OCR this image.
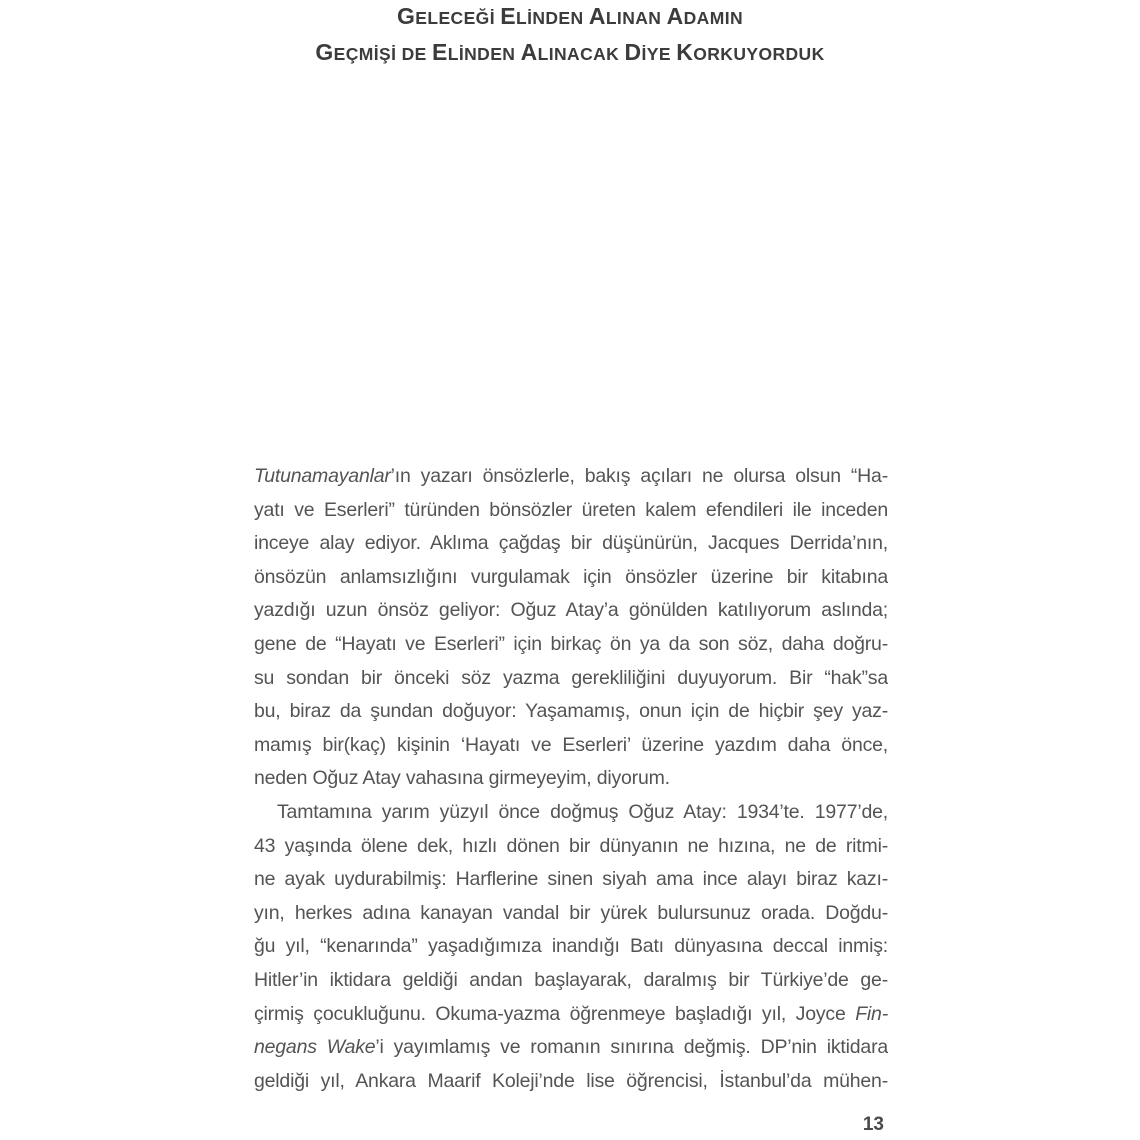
GELECEĞİ ELİNDEN ALINAN ADAMIN
GEÇMİŞİ DE ELİNDEN ALINACAK DİYE KORKUYORDUK
Tutunamayanlar’ın yazarı önsözlerle, bakış açıları ne olursa olsun “Ha-
yatı ve Eserleri” türünden bönsözler üreten kalem efendileri ile inceden
inceye alay ediyor. Aklıma çağdaş bir düşünürün, Jacques Derrida’nın,
önsözün anlamsızlığını vurgulamak için önsözler üzerine bir kitabına
yazdığı uzun önsöz geliyor: Oğuz Atay’a gönülden katılıyorum aslında;
gene de “Hayatı ve Eserleri” için birkaç ön ya da son söz, daha doğru-
su sondan bir önceki söz yazma gerekliliğini duyuyorum. Bir “hak”sa
bu, biraz da şundan doğuyor: Yaşamamış, onun için de hiçbir şey yaz-
mamış bir(kaç) kişinin ‘Hayatı ve Eserleri’ üzerine yazdım daha önce,
neden Oğuz Atay vahasına girmeyeyim, diyorum.
Tamtamına yarım yüzyıl önce doğmuş Oğuz Atay: 1934’te. 1977’de,
43 yaşında ölene dek, hızlı dönen bir dünyanın ne hızına, ne de ritmi-
ne ayak uydurabilmiş: Harflerine sinen siyah ama ince alayı biraz kazı-
yın, herkes adına kanayan vandal bir yürek bulursunuz orada. Doğdu-
ğu yıl, “kenarında” yaşadığımıza inandığı Batı dünyasına deccal inmiş:
Hitler’in iktidara geldiği andan başlayarak, daralmış bir Türkiye’de ge-
çirmiş çocukluğunu. Okuma-yazma öğrenmeye başladığı yıl, Joyce Fin-
negans Wake’i yayımlamış ve romanın sınırına değmiş. DP’nin iktidara
geldiği yıl, Ankara Maarif Koleji’nde lise öğrencisi, İstanbul’da mühen-
13
